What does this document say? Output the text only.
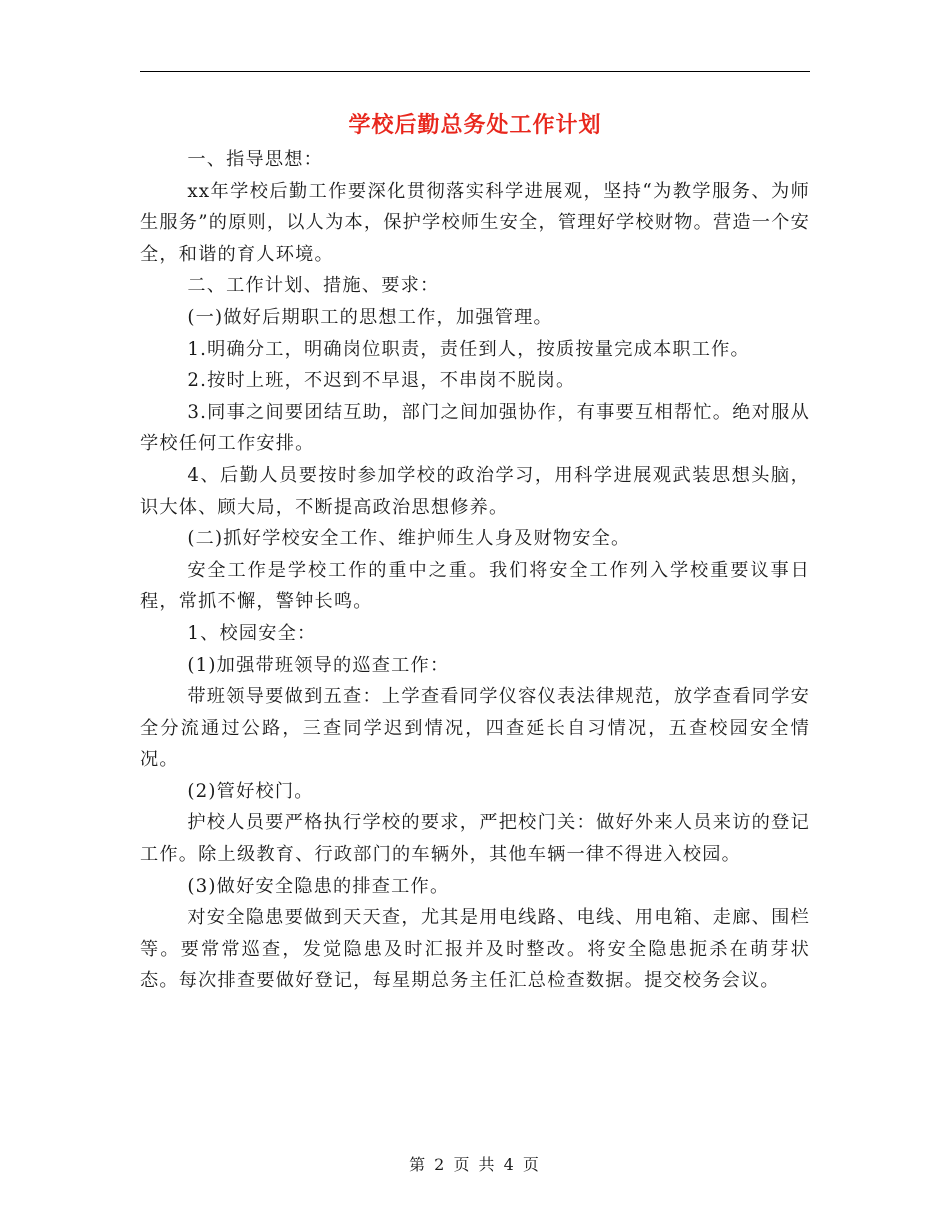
学校后勤总务处工作计划

一、指导思想：

xx年学校后勤工作要深化贯彻落实科学进展观，坚持“为教学服务、为师生服务”的原则，以人为本，保护学校师生安全，管理好学校财物。营造一个安全，和谐的育人环境。

二、工作计划、措施、要求：

(一)做好后期职工的思想工作，加强管理。

1.明确分工，明确岗位职责，责任到人，按质按量完成本职工作。

2.按时上班，不迟到不早退，不串岗不脱岗。

3.同事之间要团结互助，部门之间加强协作，有事要互相帮忙。绝对服从学校任何工作安排。

4、后勤人员要按时参加学校的政治学习，用科学进展观武装思想头脑，识大体、顾大局，不断提高政治思想修养。

(二)抓好学校安全工作、维护师生人身及财物安全。

安全工作是学校工作的重中之重。我们将安全工作列入学校重要议事日程，常抓不懈，警钟长鸣。

1、校园安全：

(1)加强带班领导的巡查工作：

带班领导要做到五查：上学查看同学仪容仪表法律规范，放学查看同学安全分流通过公路，三查同学迟到情况，四查延长自习情况，五查校园安全情况。

(2)管好校门。

护校人员要严格执行学校的要求，严把校门关：做好外来人员来访的登记工作。除上级教育、行政部门的车辆外，其他车辆一律不得进入校园。

(3)做好安全隐患的排查工作。

对安全隐患要做到天天查，尤其是用电线路、电线、用电箱、走廊、围栏等。要常常巡查，发觉隐患及时汇报并及时整改。将安全隐患扼杀在萌芽状态。每次排查要做好登记，每星期总务主任汇总检查数据。提交校务会议。

第 2 页 共 4 页
